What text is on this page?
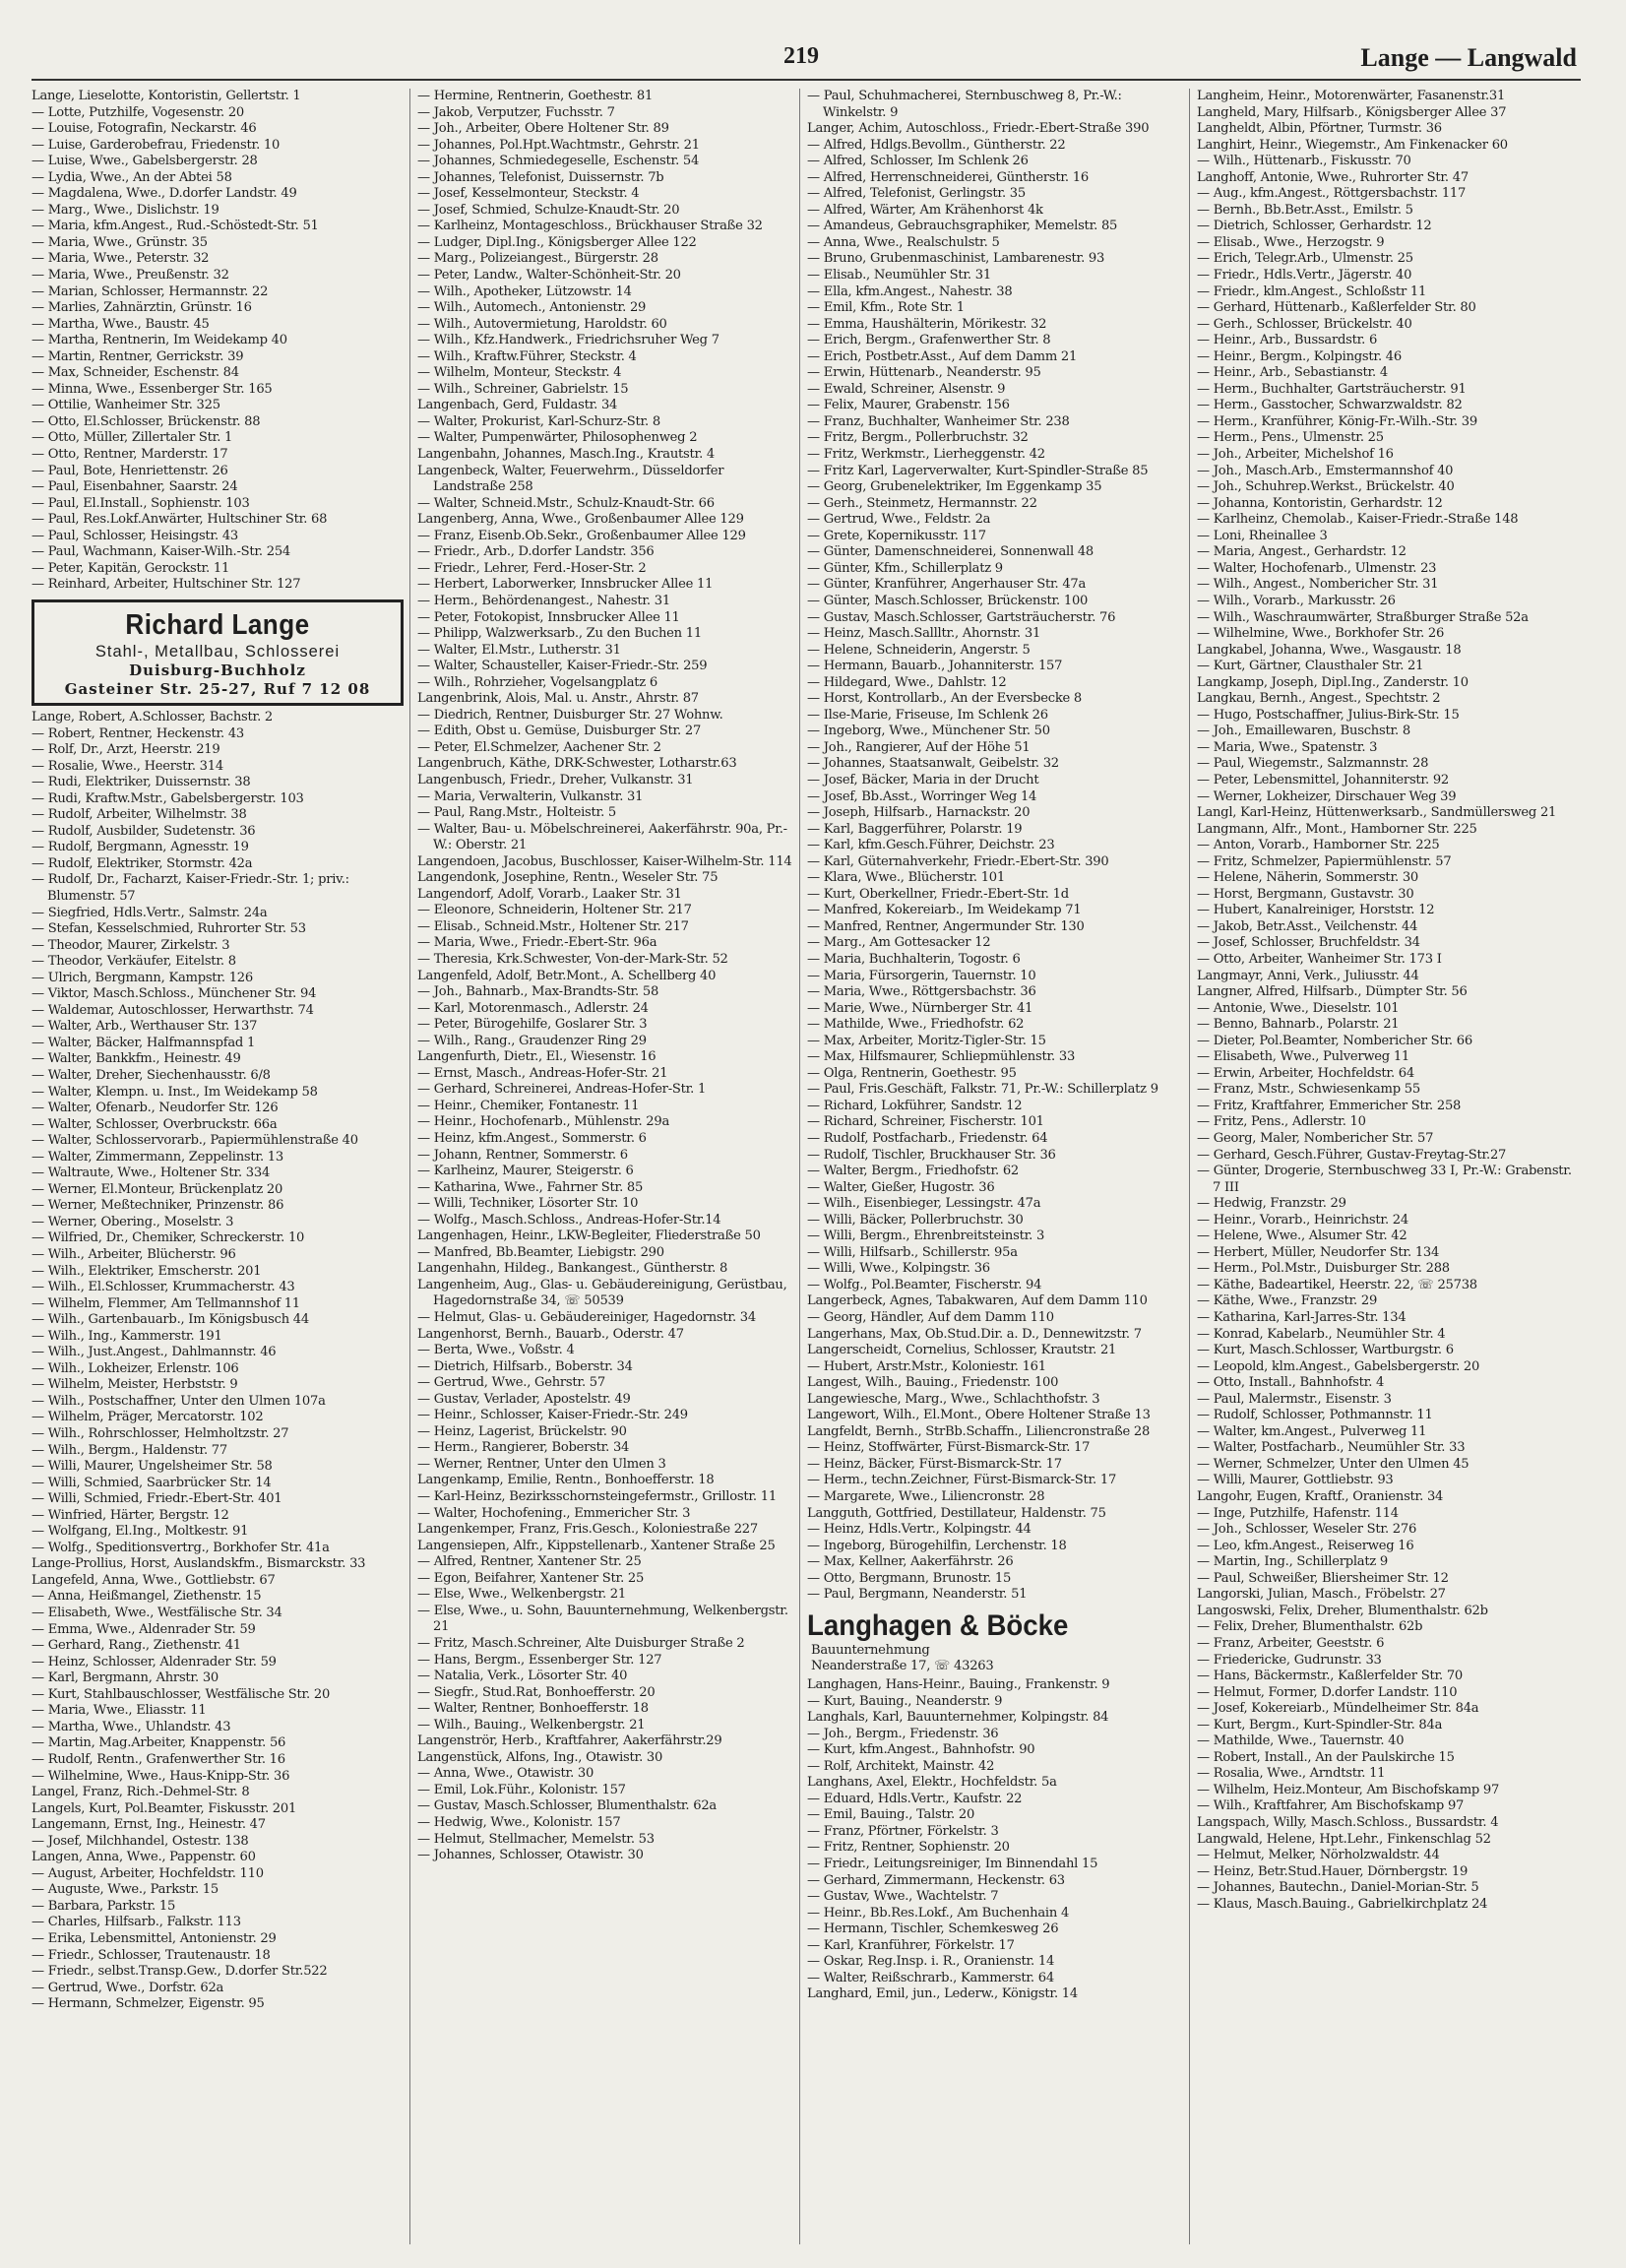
219	Lange — Langwald
Lange, Lieselotte, Kontoristin, Gellertstr. 1
— Lotte, Putzhilfe, Vogesenstr. 20
— Louise, Fotografin, Neckarstr. 46
— Luise, Garderobefrau, Friedenstr. 10
— Luise, Wwe., Gabelsbergerstr. 28
— Lydia, Wwe., An der Abtei 58
— Magdalena, Wwe., D.dorfer Landstr. 49
— Marg., Wwe., Dislichstr. 19
— Maria, kfm.Angest., Rud.-Schöstedt-Str. 51
— Maria, Wwe., Grünstr. 35
— Maria, Wwe., Peterstr. 32
— Maria, Wwe., Preußenstr. 32
— Marian, Schlosser, Hermannstr. 22
— Marlies, Zahnärztin, Grünstr. 16
— Martha, Wwe., Baustr. 45
— Martha, Rentnerin, Im Weidekamp 40
— Martin, Rentner, Gerrickstr. 39
— Max, Schneider, Eschenstr. 84
— Minna, Wwe., Essenberger Str. 165
— Ottilie, Wanheimer Str. 325
— Otto, El.Schlosser, Brückenstr. 88
— Otto, Müller, Zillertaler Str. 1
— Otto, Rentner, Marderstr. 17
— Paul, Bote, Henriettenstr. 26
— Paul, Eisenbahner, Saarstr. 24
— Paul, El.Install., Sophienstr. 103
— Paul, Res.Lokf.Anwärter, Hultschiner Str. 68
— Paul, Schlosser, Heisingstr. 43
— Paul, Wachmann, Kaiser-Wilh.-Str. 254
— Peter, Kapitän, Gerockstr. 11
— Reinhard, Arbeiter, Hultschiner Str. 127
Richard Lange
Stahl-, Metallbau, Schlosserei
Duisburg-Buchholz
Gasteiner Str. 25-27, Ruf 7 12 08
Lange, Robert, A.Schlosser, Bachstr. 2
— Robert, Rentner, Heckenstr. 43
— Rolf, Dr., Arzt, Heerstr. 219
— Rosalie, Wwe., Heerstr. 314
— Rudi, Elektriker, Duissernstr. 38
— Rudi, Kraftw.Mstr., Gabelsbergerstr. 103
— Rudolf, Arbeiter, Wilhelmstr. 38
— Rudolf, Ausbilder, Sudetenstr. 36
— Rudolf, Bergmann, Agnesstr. 19
— Rudolf, Elektriker, Stormstr. 42a
— Rudolf, Dr., Facharzt, Kaiser-Friedr.-Str. 1; priv.: Blumenstr. 57
— Siegfried, Hdls.Vertr., Salmstr. 24a
— Stefan, Kesselschmied, Ruhrorter Str. 53
— Theodor, Maurer, Zirkelstr. 3
— Theodor, Verkäufer, Eitelstr. 8
— Ulrich, Bergmann, Kampstr. 126
— Viktor, Masch.Schloss., Münchener Str. 94
— Waldemar, Autoschlosser, Herwarthstr. 74
— Walter, Arb., Werthauser Str. 137
— Walter, Bäcker, Halfmannspfad 1
— Walter, Bankkfm., Heinestr. 49
— Walter, Dreher, Siechenhausstr. 6/8
— Walter, Klempn. u. Inst., Im Weidekamp 58
— Walter, Ofenarb., Neudorfer Str. 126
— Walter, Schlosser, Overbruckstr. 66a
— Walter, Schlosservorarb., Papiermühlenstraße 40
— Walter, Zimmermann, Zeppelinstr. 13
— Waltraute, Wwe., Holtener Str. 334
— Werner, El.Monteur, Brückenplatz 20
— Werner, Meßtechniker, Prinzenstr. 86
— Werner, Obering., Moselstr. 3
— Wilfried, Dr., Chemiker, Schreckerstr. 10
— Wilh., Arbeiter, Blücherstr. 96
— Wilh., Elektriker, Emscherstr. 201
— Wilh., El.Schlosser, Krummacherstr. 43
— Wilhelm, Flemmer, Am Tellmannshof 11
— Wilh., Gartenbauarb., Im Königsbusch 44
— Wilh., Ing., Kammerstr. 191
— Wilh., Just.Angest., Dahlmannstr. 46
— Wilh., Lokheizer, Erlenstr. 106
— Wilhelm, Meister, Herbststr. 9
— Wilh., Postschaffner, Unter den Ulmen 107a
— Wilhelm, Präger, Mercatorstr. 102
— Wilh., Rohrschlosser, Helmholtzstr. 27
— Wilh., Bergm., Haldenstr. 77
— Willi, Maurer, Ungelsheimer Str. 58
— Willi, Schmied, Saarbrücker Str. 14
— Willi, Schmied, Friedr.-Ebert-Str. 401
— Winfried, Härter, Bergstr. 12
— Wolfgang, El.Ing., Moltkestr. 91
— Wolfg., Speditionsvertrg., Borkhofer Str. 41a
Lange-Prollius, Horst, Auslandskfm., Bismarckstr. 33
Langefeld, Anna, Wwe., Gottliebstr. 67
— Anna, Heißmangel, Ziethenstr. 15
— Elisabeth, Wwe., Westfälische Str. 34
— Emma, Wwe., Aldenrader Str. 59
— Gerhard, Rang., Ziethenstr. 41
— Heinz, Schlosser, Aldenrader Str. 59
— Karl, Bergmann, Ahrstr. 30
— Kurt, Stahlbauschlosser, Westfälische Str. 20
— Maria, Wwe., Eliasstr. 11
— Martha, Wwe., Uhlandstr. 43
— Martin, Mag.Arbeiter, Knappenstr. 56
— Rudolf, Rentn., Grafenwerther Str. 16
— Wilhelmine, Wwe., Haus-Knipp-Str. 36
Langel, Franz, Rich.-Dehmel-Str. 8
Langels, Kurt, Pol.Beamter, Fiskusstr. 201
Langemann, Ernst, Ing., Heinestr. 47
— Josef, Milchhandel, Ostestr. 138
Langen, Anna, Wwe., Pappenstr. 60
— August, Arbeiter, Hochfeldstr. 110
— Auguste, Wwe., Parkstr. 15
— Barbara, Parkstr. 15
— Charles, Hilfsarb., Falkstr. 113
— Erika, Lebensmittel, Antonienstr. 29
— Friedr., Schlosser, Trautenaustr. 18
— Friedr., selbst.Transp.Gew., D.dorfer Str.522
— Gertrud, Wwe., Dorfstr. 62a
— Hermann, Schmelzer, Eigenstr. 95
— Hermine, Rentnerin, Goethestr. 81
— Jakob, Verputzer, Fuchsstr. 7
— Joh., Arbeiter, Obere Holtener Str. 89
— Johannes, Pol.Hpt.Wachtmstr., Gehrstr. 21
— Johannes, Schmiedegeselle, Eschenstr. 54
— Johannes, Telefonist, Duissernstr. 7b
— Josef, Kesselmonteur, Steckstr. 4
— Josef, Schmied, Schulze-Knaudt-Str. 20
— Karlheinz, Montageschloss., Brückhauser Straße 32
— Ludger, Dipl.Ing., Königsberger Allee 122
— Marg., Polizeiangest., Bürgerstr. 28
— Peter, Landw., Walter-Schönheit-Str. 20
— Wilh., Apotheker, Lützowstr. 14
— Wilh., Automech., Antonienstr. 29
— Wilh., Autovermietung, Haroldstr. 60
— Wilh., Kfz.Handwerk., Friedrichsruher Weg 7
— Wilh., Kraftw.Führer, Steckstr. 4
— Wilhelm, Monteur, Steckstr. 4
— Wilh., Schreiner, Gabrielstr. 15
Langenbach, Gerd, Fuldastr. 34
— Walter, Prokurist, Karl-Schurz-Str. 8
— Walter, Pumpenwärter, Philosophenweg 2
Langenbahn, Johannes, Masch.Ing., Krautstr. 4
Langenbeck, Walter, Feuerwehrm., Düsseldorfer Landstraße 258
— Walter, Schneid.Mstr., Schulz-Knaudt-Str. 66
Langenberg, Anna, Wwe., Großenbaumer Allee 129
— Franz, Eisenb.Ob.Sekr., Großenbaumer Allee 129
— Friedr., Arb., D.dorfer Landstr. 356
— Friedr., Lehrer, Ferd.-Hoser-Str. 2
— Herbert, Laborwerker, Innsbrucker Allee 11
— Herm., Behördenangest., Nahestr. 31
— Peter, Fotokopist, Innsbrucker Allee 11
— Philipp, Walzwerksarb., Zu den Buchen 11
— Walter, El.Mstr., Lutherstr. 31
— Walter, Schausteller, Kaiser-Friedr.-Str. 259
— Wilh., Rohrzieher, Vogelsangplatz 6
Langenbrink, Alois, Mal. u. Anstr., Ahrstr. 87
— Diedrich, Rentner, Duisburger Str. 27 Wohnw.
— Edith, Obst u. Gemüse, Duisburger Str. 27
— Peter, El.Schmelzer, Aachener Str. 2
Langenbruch, Käthe, DRK-Schwester, Lotharstr.63
Langenbusch, Friedr., Dreher, Vulkanstr. 31
— Maria, Verwalterin, Vulkanstr. 31
— Paul, Rang.Mstr., Holteistr. 5
— Walter, Bau- u. Möbelschreinerei, Aakerfährstr. 90a, Pr.-W.: Oberstr. 21
Langendoen, Jacobus, Buschlosser, Kaiser-Wilhelm-Str. 114
Langendonk, Josephine, Rentn., Weseler Str. 75
Langendorf, Adolf, Vorarb., Laaker Str. 31
— Eleonore, Schneiderin, Holtener Str. 217
— Elisab., Schneid.Mstr., Holtener Str. 217
— Maria, Wwe., Friedr.-Ebert-Str. 96a
— Theresia, Krk.Schwester, Von-der-Mark-Str. 52
Langenfeld, Adolf, Betr.Mont., A. Schellberg 40
— Joh., Bahnarb., Max-Brandts-Str. 58
— Karl, Motorenmasch., Adlerstr. 24
— Peter, Bürogehilfe, Goslarer Str. 3
— Wilh., Rang., Graudenzer Ring 29
Langenfurth, Dietr., El., Wiesenstr. 16
— Ernst, Masch., Andreas-Hofer-Str. 21
— Gerhard, Schreinerei, Andreas-Hofer-Str. 1
— Heinr., Chemiker, Fontanestr. 11
— Heinr., Hochofenarb., Mühlenstr. 29a
— Heinz, kfm.Angest., Sommerstr. 6
— Johann, Rentner, Sommerstr. 6
— Karlheinz, Maurer, Steigerstr. 6
— Katharina, Wwe., Fahrner Str. 85
— Willi, Techniker, Lösorter Str. 10
— Wolfg., Masch.Schloss., Andreas-Hofer-Str.14
Langenhagen, Heinr., LKW-Begleiter, Fliederstraße 50
— Manfred, Bb.Beamter, Liebigstr. 290
Langenhahn, Hildeg., Bankangest., Güntherstr. 8
Langenheim, Aug., Glas- u. Gebäudereinigung, Gerüstbau, Hagedornstraße 34, ☏ 50539
— Helmut, Glas- u. Gebäudereiniger, Hagedornstr. 34
Langenhorst, Bernh., Bauarb., Oderstr. 47
— Berta, Wwe., Voßstr. 4
— Dietrich, Hilfsarb., Boberstr. 34
— Gertrud, Wwe., Gehrstr. 57
— Gustav, Verlader, Apostelstr. 49
— Heinr., Schlosser, Kaiser-Friedr.-Str. 249
— Heinz, Lagerist, Brückelstr. 90
— Herm., Rangierer, Boberstr. 34
— Werner, Rentner, Unter den Ulmen 3
Langenkamp, Emilie, Rentn., Bonhoefferstr. 18
— Karl-Heinz, Bezirksschornsteingefermstr., Grillostr. 11
— Walter, Hochofening., Emmericher Str. 3
Langenkemper, Franz, Fris.Gesch., Koloniestraße 227
Langensiepen, Alfr., Kippstellenarb., Xantener Straße 25
— Alfred, Rentner, Xantener Str. 25
— Egon, Beifahrer, Xantener Str. 25
— Else, Wwe., Welkenbergstr. 21
— Else, Wwe., u. Sohn, Bauunternehmung, Welkenbergstr. 21
— Fritz, Masch.Schreiner, Alte Duisburger Straße 2
— Hans, Bergm., Essenberger Str. 127
— Natalia, Verk., Lösorter Str. 40
— Siegfr., Stud.Rat, Bonhoefferstr. 20
— Walter, Rentner, Bonhoefferstr. 18
— Wilh., Bauing., Welkenbergstr. 21
Langenströr, Herb., Kraftfahrer, Aakerfährstr.29
Langenstück, Alfons, Ing., Otawistr. 30
— Anna, Wwe., Otawistr. 30
— Emil, Lok.Führ., Kolonistr. 157
— Gustav, Masch.Schlosser, Blumenthalstr. 62a
— Hedwig, Wwe., Kolonistr. 157
— Helmut, Stellmacher, Memelstr. 53
— Johannes, Schlosser, Otawistr. 30
— Paul, Schuhmacherei, Sternbuschweg 8, Pr.-W.: Winkelstr. 9
Langer, Achim, Autoschloss., Friedr.-Ebert-Straße 390
— Alfred, Hdlgs.Bevollm., Güntherstr. 22
— Alfred, Schlosser, Im Schlenk 26
— Alfred, Herrenschneiderei, Güntherstr. 16
— Alfred, Telefonist, Gerlingstr. 35
— Alfred, Wärter, Am Krähenhorst 4k
— Amandeus, Gebrauchsgraphiker, Memelstr. 85
— Anna, Wwe., Realschulstr. 5
— Bruno, Grubenmaschinist, Lambarenestr. 93
— Elisab., Neumühler Str. 31
— Ella, kfm.Angest., Nahestr. 38
— Emil, Kfm., Rote Str. 1
— Emma, Haushälterin, Mörikestr. 32
— Erich, Bergm., Grafenwerther Str. 8
— Erich, Postbetr.Asst., Auf dem Damm 21
— Erwin, Hüttenarb., Neanderstr. 95
— Ewald, Schreiner, Alsenstr. 9
— Felix, Maurer, Grabenstr. 156
— Franz, Buchhalter, Wanheimer Str. 238
— Fritz, Bergm., Pollerbruchstr. 32
— Fritz, Werkmstr., Lierheggenstr. 42
— Fritz Karl, Lagerverwalter, Kurt-Spindler-Straße 85
— Georg, Grubenelektriker, Im Eggenkamp 35
— Gerh., Steinmetz, Hermannstr. 22
— Gertrud, Wwe., Feldstr. 2a
— Grete, Kopernikusstr. 117
— Günter, Damenschneiderei, Sonnenwall 48
— Günter, Kfm., Schillerplatz 9
— Günter, Kranführer, Angerhauser Str. 47a
— Günter, Masch.Schlosser, Brückenstr. 100
— Gustav, Masch.Schlosser, Gartsträucherstr. 76
— Heinz, Masch.Sallltr., Ahornstr. 31
— Helene, Schneiderin, Angerstr. 5
— Hermann, Bauarb., Johanniterstr. 157
— Hildegard, Wwe., Dahlstr. 12
— Horst, Kontrollarb., An der Eversbecke 8
— Ilse-Marie, Friseuse, Im Schlenk 26
— Ingeborg, Wwe., Münchener Str. 50
— Joh., Rangierer, Auf der Höhe 51
— Johannes, Staatsanwalt, Geibelstr. 32
— Josef, Bäcker, Maria in der Drucht
— Josef, Bb.Asst., Worringer Weg 14
— Joseph, Hilfsarb., Harnackstr. 20
— Karl, Baggerführer, Polarstr. 19
— Karl, kfm.Gesch.Führer, Deichstr. 23
— Karl, Güternahverkehr, Friedr.-Ebert-Str. 390
— Klara, Wwe., Blücherstr. 101
— Kurt, Oberkellner, Friedr.-Ebert-Str. 1d
— Manfred, Kokereiarb., Im Weidekamp 71
— Manfred, Rentner, Angermunder Str. 130
— Marg., Am Gottesacker 12
— Maria, Buchhalterin, Togostr. 6
— Maria, Fürsorgerin, Tauernstr. 10
— Maria, Wwe., Röttgersbachstr. 36
— Marie, Wwe., Nürnberger Str. 41
— Mathilde, Wwe., Friedhofstr. 62
— Max, Arbeiter, Moritz-Tigler-Str. 15
— Max, Hilfsmaurer, Schliepmühlenstr. 33
— Olga, Rentnerin, Goethestr. 95
— Paul, Fris.Geschäft, Falkstr. 71, Pr.-W.: Schillerplatz 9
— Richard, Lokführer, Sandstr. 12
— Richard, Schreiner, Fischerstr. 101
— Rudolf, Postfacharb., Friedenstr. 64
— Rudolf, Tischler, Bruckhauser Str. 36
— Walter, Bergm., Friedhofstr. 62
— Walter, Gießer, Hugostr. 36
— Wilh., Eisenbieger, Lessingstr. 47a
— Willi, Bäcker, Pollerbruchstr. 30
— Willi, Bergm., Ehrenbreitsteinstr. 3
— Willi, Hilfsarb., Schillerstr. 95a
— Willi, Wwe., Kolpingstr. 36
— Wolfg., Pol.Beamter, Fischerstr. 94
Langerbeck, Agnes, Tabakwaren, Auf dem Damm 110
— Georg, Händler, Auf dem Damm 110
Langerhans, Max, Ob.Stud.Dir. a. D., Dennewitzstr. 7
Langerscheidt, Cornelius, Schlosser, Krautstr. 21
— Hubert, Arstr.Mstr., Koloniestr. 161
Langest, Wilh., Bauing., Friedenstr. 100
Langewiesche, Marg., Wwe., Schlachthofstr. 3
Langewort, Wilh., El.Mont., Obere Holtener Straße 13
Langfeldt, Bernh., StrBb.Schaffn., Liliencronstraße 28
— Heinz, Stoffwärter, Fürst-Bismarck-Str. 17
— Heinz, Bäcker, Fürst-Bismarck-Str. 17
— Herm., techn.Zeichner, Fürst-Bismarck-Str. 17
— Margarete, Wwe., Liliencronstr. 28
Langguth, Gottfried, Destillateur, Haldenstr. 75
— Heinz, Hdls.Vertr., Kolpingstr. 44
— Ingeborg, Bürogehilfin, Lerchenstr. 18
— Max, Kellner, Aakerfährstr. 26
— Otto, Bergmann, Brunostr. 15
— Paul, Bergmann, Neanderstr. 51
Langhagen & Böcke
Bauunternehmung
Neanderstraße 17, ☏ 43263
Langhagen, Hans-Heinr., Bauing., Frankenstr. 9
— Kurt, Bauing., Neanderstr. 9
Langhals, Karl, Bauunternehmer, Kolpingstr. 84
— Joh., Bergm., Friedenstr. 36
— Kurt, kfm.Angest., Bahnhofstr. 90
— Rolf, Architekt, Mainstr. 42
Langhans, Axel, Elektr., Hochfeldstr. 5a
— Eduard, Hdls.Vertr., Kaufstr. 22
— Emil, Bauing., Talstr. 20
— Franz, Pförtner, Förkelstr. 3
— Fritz, Rentner, Sophienstr. 20
— Friedr., Leitungsreiniger, Im Binnendahl 15
— Gerhard, Zimmermann, Heckenstr. 63
— Gustav, Wwe., Wachtelstr. 7
— Heinr., Bb.Res.Lokf., Am Buchenhain 4
— Hermann, Tischler, Schemkesweg 26
— Karl, Kranführer, Förkelstr. 17
— Oskar, Reg.Insp. i. R., Oranienstr. 14
— Walter, Reißschrarb., Kammerstr. 64
Langhard, Emil, jun., Lederw., Königstr. 14
Langheim, Heinr., Motorenwärter, Fasanenstr.31
Langheld, Mary, Hilfsarb., Königsberger Allee 37
Langheldt, Albin, Pförtner, Turmstr. 36
Langhirt, Heinr., Wiegemstr., Am Finkenacker 60
— Wilh., Hüttenarb., Fiskusstr. 70
Langhoff, Antonie, Wwe., Ruhrorter Str. 47
— Aug., kfm.Angest., Röttgersbachstr. 117
— Bernh., Bb.Betr.Asst., Emilstr. 5
— Dietrich, Schlosser, Gerhardstr. 12
— Elisab., Wwe., Herzogstr. 9
— Erich, Telegr.Arb., Ulmenstr. 25
— Friedr., Hdls.Vertr., Jägerstr. 40
— Friedr., klm.Angest., Schloßstr 11
— Gerhard, Hüttenarb., Kaßlerfelder Str. 80
— Gerh., Schlosser, Brückelstr. 40
— Heinr., Arb., Bussardstr. 6
— Heinr., Bergm., Kolpingstr. 46
— Heinr., Arb., Sebastianstr. 4
— Herm., Buchhalter, Gartsträucherstr. 91
— Herm., Gasstocher, Schwarzwaldstr. 82
— Herm., Kranführer, König-Fr.-Wilh.-Str. 39
— Herm., Pens., Ulmenstr. 25
— Joh., Arbeiter, Michelshof 16
— Joh., Masch.Arb., Emstermannshof 40
— Joh., Schuhrep.Werkst., Brückelstr. 40
— Johanna, Kontoristin, Gerhardstr. 12
— Karlheinz, Chemolab., Kaiser-Friedr.-Straße 148
— Loni, Rheinallee 3
— Maria, Angest., Gerhardstr. 12
— Walter, Hochofenarb., Ulmenstr. 23
— Wilh., Angest., Nombericher Str. 31
— Wilh., Vorarb., Markusstr. 26
— Wilh., Waschraumwärter, Straßburger Straße 52a
— Wilhelmine, Wwe., Borkhofer Str. 26
Langkabel, Johanna, Wwe., Wasgaustr. 18
— Kurt, Gärtner, Clausthaler Str. 21
Langkamp, Joseph, Dipl.Ing., Zanderstr. 10
Langkau, Bernh., Angest., Spechtstr. 2
— Hugo, Postschaffner, Julius-Birk-Str. 15
— Joh., Emaillewaren, Buschstr. 8
— Maria, Wwe., Spatenstr. 3
— Paul, Wiegemstr., Salzmannstr. 28
— Peter, Lebensmittel, Johanniterstr. 92
— Werner, Lokheizer, Dirschauer Weg 39
Langl, Karl-Heinz, Hüttenwerksarb., Sandmüllersweg 21
Langmann, Alfr., Mont., Hamborner Str. 225
— Anton, Vorarb., Hamborner Str. 225
— Fritz, Schmelzer, Papiermühlenstr. 57
— Helene, Näherin, Sommerstr. 30
— Horst, Bergmann, Gustavstr. 30
— Hubert, Kanalreiniger, Horststr. 12
— Jakob, Betr.Asst., Veilchenstr. 44
— Josef, Schlosser, Bruchfeldstr. 34
— Otto, Arbeiter, Wanheimer Str. 173 I
Langmayr, Anni, Verk., Juliusstr. 44
Langner, Alfred, Hilfsarb., Dümpter Str. 56
— Antonie, Wwe., Dieselstr. 101
— Benno, Bahnarb., Polarstr. 21
— Dieter, Pol.Beamter, Nombericher Str. 66
— Elisabeth, Wwe., Pulverweg 11
— Erwin, Arbeiter, Hochfeldstr. 64
— Franz, Mstr., Schwiesenkamp 55
— Fritz, Kraftfahrer, Emmericher Str. 258
— Fritz, Pens., Adlerstr. 10
— Georg, Maler, Nombericher Str. 57
— Gerhard, Gesch.Führer, Gustav-Freytag-Str.27
— Günter, Drogerie, Sternbuschweg 33 I, Pr.-W.: Grabenstr. 7 III
— Hedwig, Franzstr. 29
— Heinr., Vorarb., Heinrichstr. 24
— Helene, Wwe., Alsumer Str. 42
— Herbert, Müller, Neudorfer Str. 134
— Herm., Pol.Mstr., Duisburger Str. 288
— Käthe, Badeartikel, Heerstr. 22, ☏ 25738
— Käthe, Wwe., Franzstr. 29
— Katharina, Karl-Jarres-Str. 134
— Konrad, Kabelarb., Neumühler Str. 4
— Kurt, Masch.Schlosser, Wartburgstr. 6
— Leopold, klm.Angest., Gabelsbergerstr. 20
— Otto, Install., Bahnhofstr. 4
— Paul, Malermstr., Eisenstr. 3
— Rudolf, Schlosser, Pothmannstr. 11
— Walter, km.Angest., Pulverweg 11
— Walter, Postfacharb., Neumühler Str. 33
— Werner, Schmelzer, Unter den Ulmen 45
— Willi, Maurer, Gottliebstr. 93
Langohr, Eugen, Kraftf., Oranienstr. 34
— Inge, Putzhilfe, Hafenstr. 114
— Joh., Schlosser, Weseler Str. 276
— Leo, kfm.Angest., Reiserweg 16
— Martin, Ing., Schillerplatz 9
— Paul, Schweißer, Bliersheimer Str. 12
Langorski, Julian, Masch., Fröbelstr. 27
Langoswski, Felix, Dreher, Blumenthalstr. 62b
— Felix, Dreher, Blumenthalstr. 62b
— Franz, Arbeiter, Geeststr. 6
— Friedericke, Gudrunstr. 33
— Hans, Bäckermstr., Kaßlerfelder Str. 70
— Helmut, Former, D.dorfer Landstr. 110
— Josef, Kokereiarb., Mündelheimer Str. 84a
— Kurt, Bergm., Kurt-Spindler-Str. 84a
— Mathilde, Wwe., Tauernstr. 40
— Robert, Install., An der Paulskirche 15
— Rosalia, Wwe., Arndtstr. 11
— Wilhelm, Heiz.Monteur, Am Bischofskamp 97
— Wilh., Kraftfahrer, Am Bischofskamp 97
Langspach, Willy, Masch.Schloss., Bussardstr. 4
Langwald, Helene, Hpt.Lehr., Finkenschlag 52
— Helmut, Melker, Nörholzwaldstr. 44
— Heinz, Betr.Stud.Hauer, Dörnbergstr. 19
— Johannes, Bautechn., Daniel-Morian-Str. 5
— Klaus, Masch.Bauing., Gabrielkirchplatz 24
